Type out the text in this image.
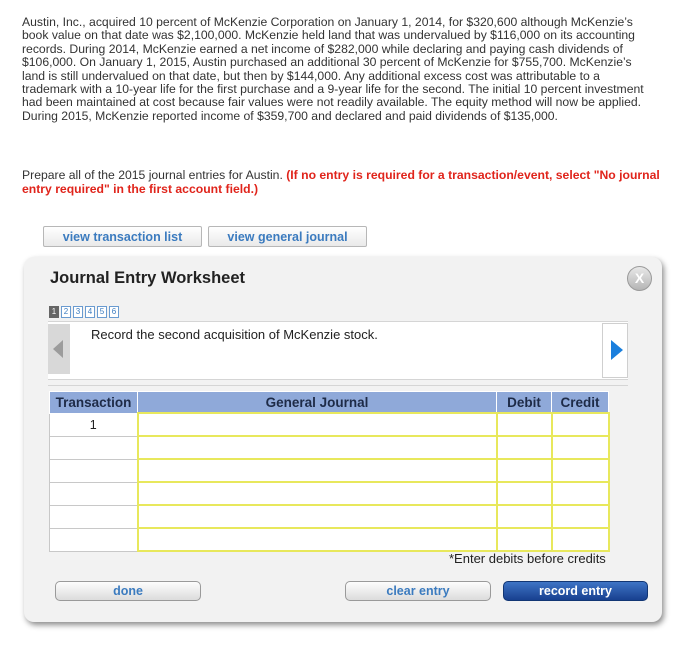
Austin, Inc., acquired 10 percent of McKenzie Corporation on January 1, 2014, for $320,600 although McKenzie’s book value on that date was $2,100,000. McKenzie held land that was undervalued by $116,000 on its accounting records. During 2014, McKenzie earned a net income of $282,000 while declaring and paying cash dividends of $106,000. On January 1, 2015, Austin purchased an additional 30 percent of McKenzie for $755,700. McKenzie’s land is still undervalued on that date, but then by $144,000. Any additional excess cost was attributable to a trademark with a 10-year life for the first purchase and a 9-year life for the second. The initial 10 percent investment had been maintained at cost because fair values were not readily available. The equity method will now be applied. During 2015, McKenzie reported income of $359,700 and declared and paid dividends of $135,000.

Prepare all of the 2015 journal entries for Austin. (If no entry is required for a transaction/event, select "No journal entry required" in the first account field.)

view transaction list	view general journal
Journal Entry Worksheet	X
1 2 3 4 5 6
Record the second acquisition of McKenzie stock.
Transaction	General Journal	Debit	Credit
1			

*Enter debits before credits
done	clear entry	record entry
